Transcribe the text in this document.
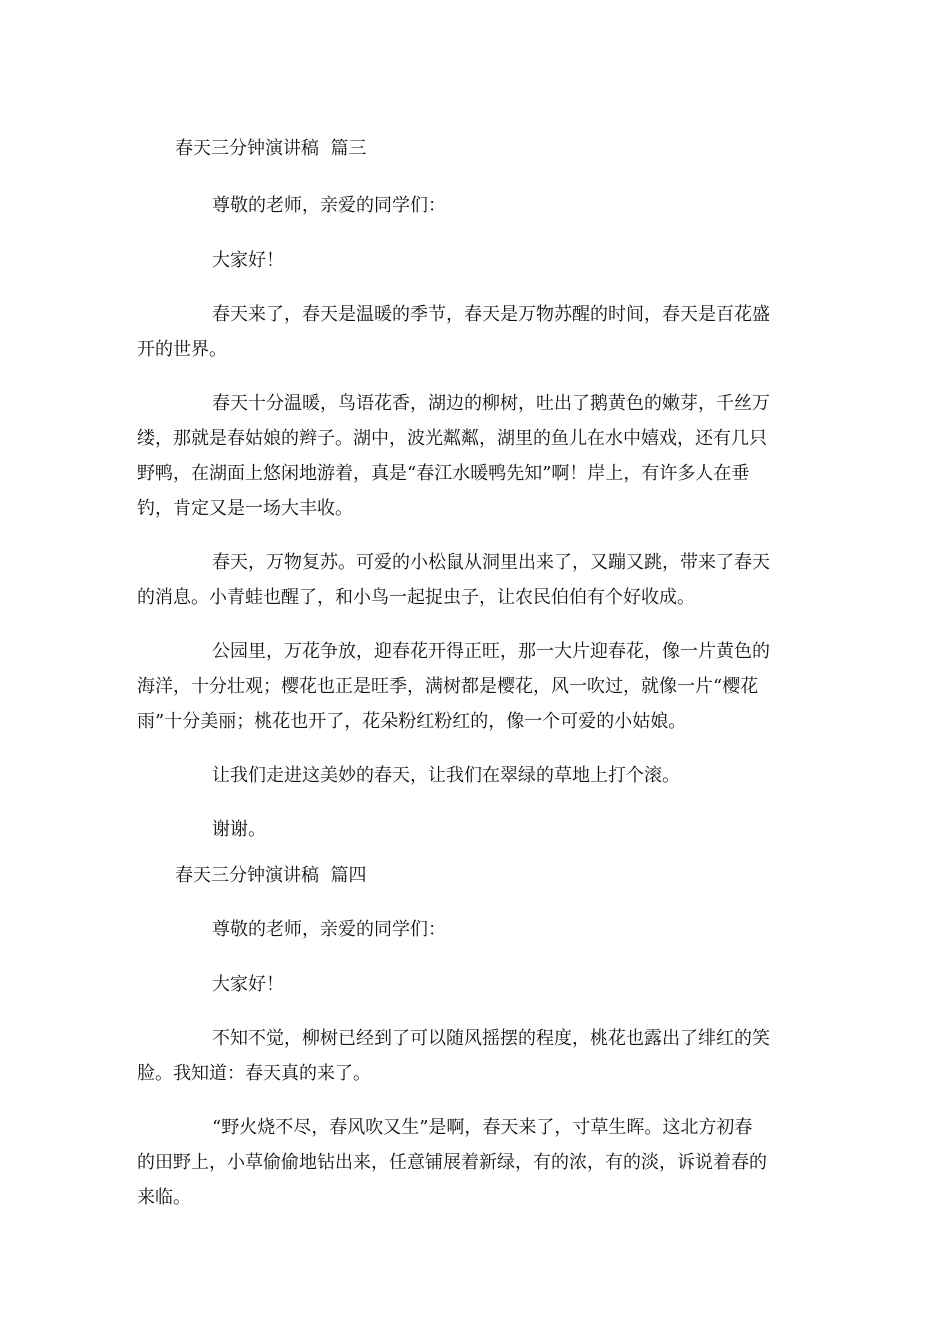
春天三分钟演讲稿  篇三
尊敬的老师，亲爱的同学们：
大家好！
春天来了，春天是温暖的季节，春天是万物苏醒的时间，春天是百花盛
开的世界。
春天十分温暖，鸟语花香，湖边的柳树，吐出了鹅黄色的嫩芽，千丝万
缕，那就是春姑娘的辫子。湖中，波光粼粼，湖里的鱼儿在水中嬉戏，还有几只
野鸭，在湖面上悠闲地游着，真是“春江水暖鸭先知”啊！岸上，有许多人在垂
钓，肯定又是一场大丰收。
春天，万物复苏。可爱的小松鼠从洞里出来了，又蹦又跳，带来了春天
的消息。小青蛙也醒了，和小鸟一起捉虫子，让农民伯伯有个好收成。
公园里，万花争放，迎春花开得正旺，那一大片迎春花，像一片黄色的
海洋，十分壮观；樱花也正是旺季，满树都是樱花，风一吹过，就像一片“樱花
雨”十分美丽；桃花也开了，花朵粉红粉红的，像一个可爱的小姑娘。
让我们走进这美妙的春天，让我们在翠绿的草地上打个滚。
谢谢。
春天三分钟演讲稿  篇四
尊敬的老师，亲爱的同学们：
大家好！
不知不觉，柳树已经到了可以随风摇摆的程度，桃花也露出了绯红的笑
脸。我知道：春天真的来了。
“野火烧不尽，春风吹又生”是啊，春天来了，寸草生晖。这北方初春
的田野上，小草偷偷地钻出来，任意铺展着新绿，有的浓，有的淡，诉说着春的
来临。
